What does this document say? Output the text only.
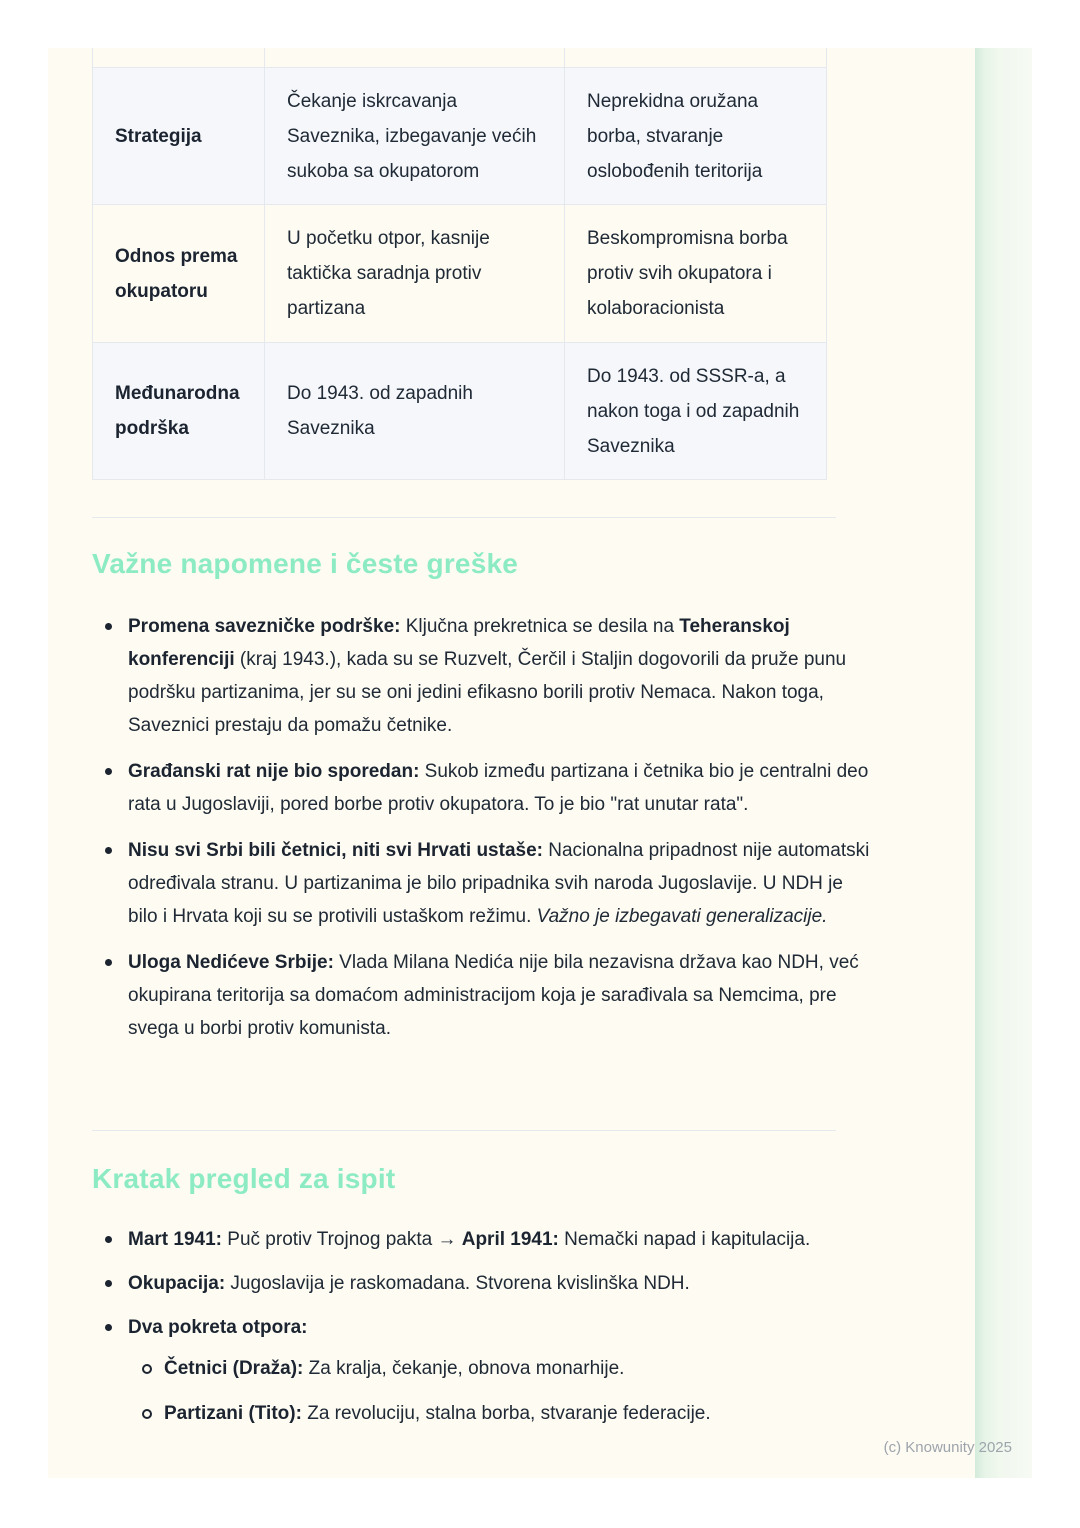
Strategija
Čekanje iskrcavanja Saveznika, izbegavanje većih sukoba sa okupatorom
Neprekidna oružana borba, stvaranje oslobođenih teritorija
Odnos prema okupatoru
U početku otpor, kasnije taktička saradnja protiv partizana
Beskompromisna borba protiv svih okupatora i kolaboracionista
Međunarodna podrška
Do 1943. od zapadnih Saveznika
Do 1943. od SSSR-a, a nakon toga i od zapadnih Saveznika
Važne napomene i česte greške
Promena savezničke podrške: Ključna prekretnica se desila na Teheranskoj konferenciji (kraj 1943.), kada su se Ruzvelt, Čerčil i Staljin dogovorili da pruže punu podršku partizanima, jer su se oni jedini efikasno borili protiv Nemaca. Nakon toga, Saveznici prestaju da pomažu četnike.
Građanski rat nije bio sporedan: Sukob između partizana i četnika bio je centralni deo rata u Jugoslaviji, pored borbe protiv okupatora. To je bio "rat unutar rata".
Nisu svi Srbi bili četnici, niti svi Hrvati ustaše: Nacionalna pripadnost nije automatski određivala stranu. U partizanima je bilo pripadnika svih naroda Jugoslavije. U NDH je bilo i Hrvata koji su se protivili ustaškom režimu. Važno je izbegavati generalizacije.
Uloga Nedićeve Srbije: Vlada Milana Nedića nije bila nezavisna država kao NDH, već okupirana teritorija sa domaćom administracijom koja je sarađivala sa Nemcima, pre svega u borbi protiv komunista.
Kratak pregled za ispit
Mart 1941: Puč protiv Trojnog pakta → April 1941: Nemački napad i kapitulacija.
Okupacija: Jugoslavija je raskomadana. Stvorena kvislinška NDH.
Dva pokreta otpora:
Četnici (Draža): Za kralja, čekanje, obnova monarhije.
Partizani (Tito): Za revoluciju, stalna borba, stvaranje federacije.
(c) Knowunity 2025
